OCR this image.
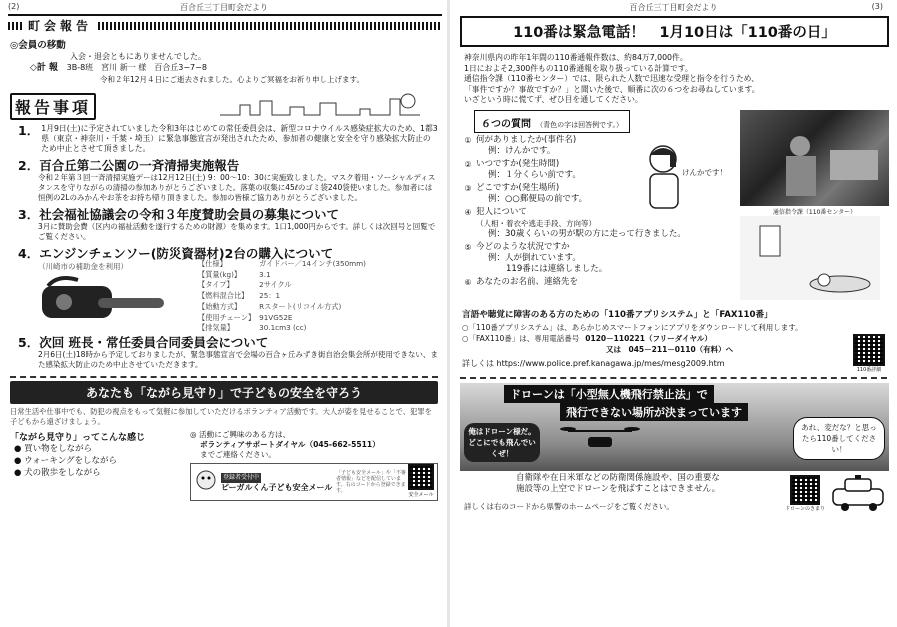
(2)	百合丘三丁目町会だより
町会報告
◎会員の移動
入会・退会ともにありませんでした。
◇計 報 3B-8班　宮川 新一 様　百合丘3−7−8
令和２年12月４日にご逝去されました。心よりご冥福をお祈り申し上げます。
報告事項
1． 1月9日(土)に予定されていました令和3年はじめての常任委員会は、新型コロナウイルス感染症拡大のため、1都3県（東京・神奈川・千葉・埼玉）に緊急事態宣言が発出されたため、参加者の健康と安全を守り感染拡大防止のため中止とさせて頂きました。
2．百合丘第二公園の一斉清掃実施報告
令和２年第３回一斉清掃実施デーは12月12日(土) 9：00～10：30に実施致しました。マスク着用・ソーシャルディスタンスを守りながらの清掃の参加ありがとうございました。落葉の収集に45ℓのゴミ袋240袋使いました。参加者には恒例の2Lのみかんやお茶をお持ち帰り頂きました。参加の皆様ご協力ありがとうございました。
3．社会福祉協議会の令和３年度賛助会員の募集について
3月に賛助会費（区内の福祉活動を遂行するための財源）を集めます。1口1,000円からです。詳しくは次回号と回覧でご覧ください。
4．エンジンチェンソー(防災資器材)2台の購入について
（川崎市の補助金を利用）	【仕様】	ガイドバー／14インチ(350mm)
【質量(kg)】	3.1
【タイプ】	2サイクル
【燃料混合比】	25：1
【始動方式】	Rスタート(リコイル方式)
【使用チェーン】	91VG52E
【排気量】	30.1cm3 (cc)
5．次回 班長・常任委員合同委員会について
2月6日(土)18時から予定しておりましたが、緊急事態宣言で会場の百合ヶ丘みずき街自治会集会所が使用できない、また感染拡大防止のため中止させていただきます。
あなたも「ながら見守り」で子どもの安全を守ろう
日常生活や仕事中でも、防犯の視点をもって気軽に参加していただけるボランティア活動です。大人が姿を見せることで、犯罪を子どもから遠ざけましょう。
「ながら見守り」ってこんな感じ
● 買い物をしながら
● ウォーキングをしながら
● 犬の散歩をしながら
◎ 活動にご興味のある方は、
ボランティアサポートダイヤル（045-662-5511）
までご連絡ください。
登録者受付中
ピーガルくん子ども安全メール
「子ども安全メール」や「不審者情報」などを配信しています。右のコードから登録できます。
安全メール
百合丘三丁目町会だより	(3)
110番は緊急電話！　1月10日は「110番の日」
神奈川県内の昨年1年間の110番通報件数は、約84万7,000件。
1日におよそ2,300件もの110番通報を取り扱っている計算です。
通信指令課（110番センター）では、限られた人数で迅速な受理と指令を行うため、
「事件ですか？事故ですか？」と聞いた後で、順番に次の６つをお尋ねしています。
いざという時に慌てず、ぜひ目を通してください。
６つの質問 （青色の字は回答例です。）
① 何がありましたか(事件名)
例：けんかです。
② いつですか(発生時間)
例：１分くらい前です。
③ どこですか(発生場所)
例：○○郵便局の前です。
④ 犯人について
（人相・着衣や逃走手段、方向等）
例：30歳くらいの男が駅の方に走って行きました。
⑤ 今どのような状況ですか
例：人が倒れています。
119番には連絡しました。
⑥ あなたのお名前、連絡先を
けんかです！
通信指令課（110番センター）
言語や聴覚に障害のある方のための「110番アプリシステム」と「FAX110番」
○「110番アプリシステム」は、あらかじめスマートフォンにアプリをダウンロードして利用します。
○「FAX110番」は、専用電話番号 0120－110221（フリーダイヤル）
又は　045－211－0110（有料）へ
詳しくは https://www.police.pref.kanagawa.jp/mes/mesg2009.htm
110番詳細
ドローンは「小型無人機飛行禁止法」で
飛行できない場所が決まっています
俺はドローン様だ。どこにでも飛んでいくぜ！
あれ、変だな？と思ったら110番してください！
自衛隊や在日米軍などの防衛関係施設や、国の重要な
施設等の上空でドローンを飛ばすことはできません。
詳しくは右のコードから県警のホームページをご覧ください。	ドローンのきまり
